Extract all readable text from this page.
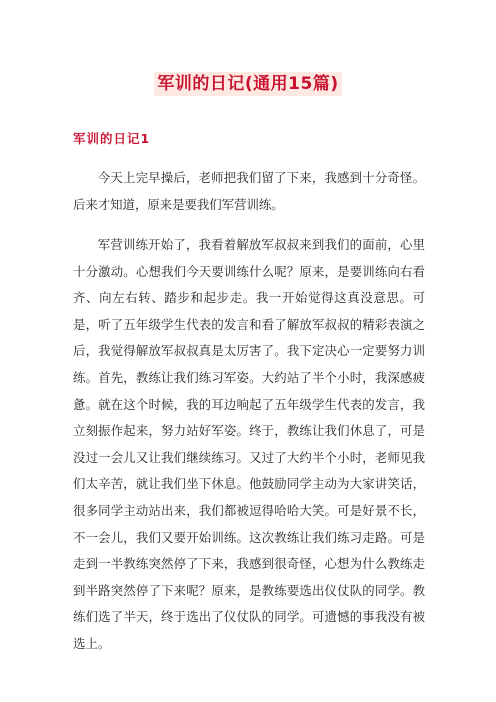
军训的日记(通用15篇)
军训的日记1

今天上完早操后，老师把我们留了下来，我感到十分奇怪。后来才知道，原来是要我们军营训练。

军营训练开始了，我看着解放军叔叔来到我们的面前，心里十分激动。心想我们今天要训练什么呢？原来，是要训练向右看齐、向左右转、踏步和起步走。我一开始觉得这真没意思。可是，听了五年级学生代表的发言和看了解放军叔叔的精彩表演之后，我觉得解放军叔叔真是太厉害了。我下定决心一定要努力训练。首先，教练让我们练习军姿。大约站了半个小时，我深感疲惫。就在这个时候，我的耳边响起了五年级学生代表的发言，我立刻振作起来，努力站好军姿。终于，教练让我们休息了，可是没过一会儿又让我们继续练习。又过了大约半个小时，老师见我们太辛苦，就让我们坐下休息。他鼓励同学主动为大家讲笑话，很多同学主动站出来，我们都被逗得哈哈大笑。可是好景不长，不一会儿，我们又要开始训练。这次教练让我们练习走路。可是走到一半教练突然停了下来，我感到很奇怪，心想为什么教练走到半路突然停了下来呢？原来，是教练要选出仪仗队的同学。教练们选了半天，终于选出了仪仗队的同学。可遗憾的事我没有被选上。
